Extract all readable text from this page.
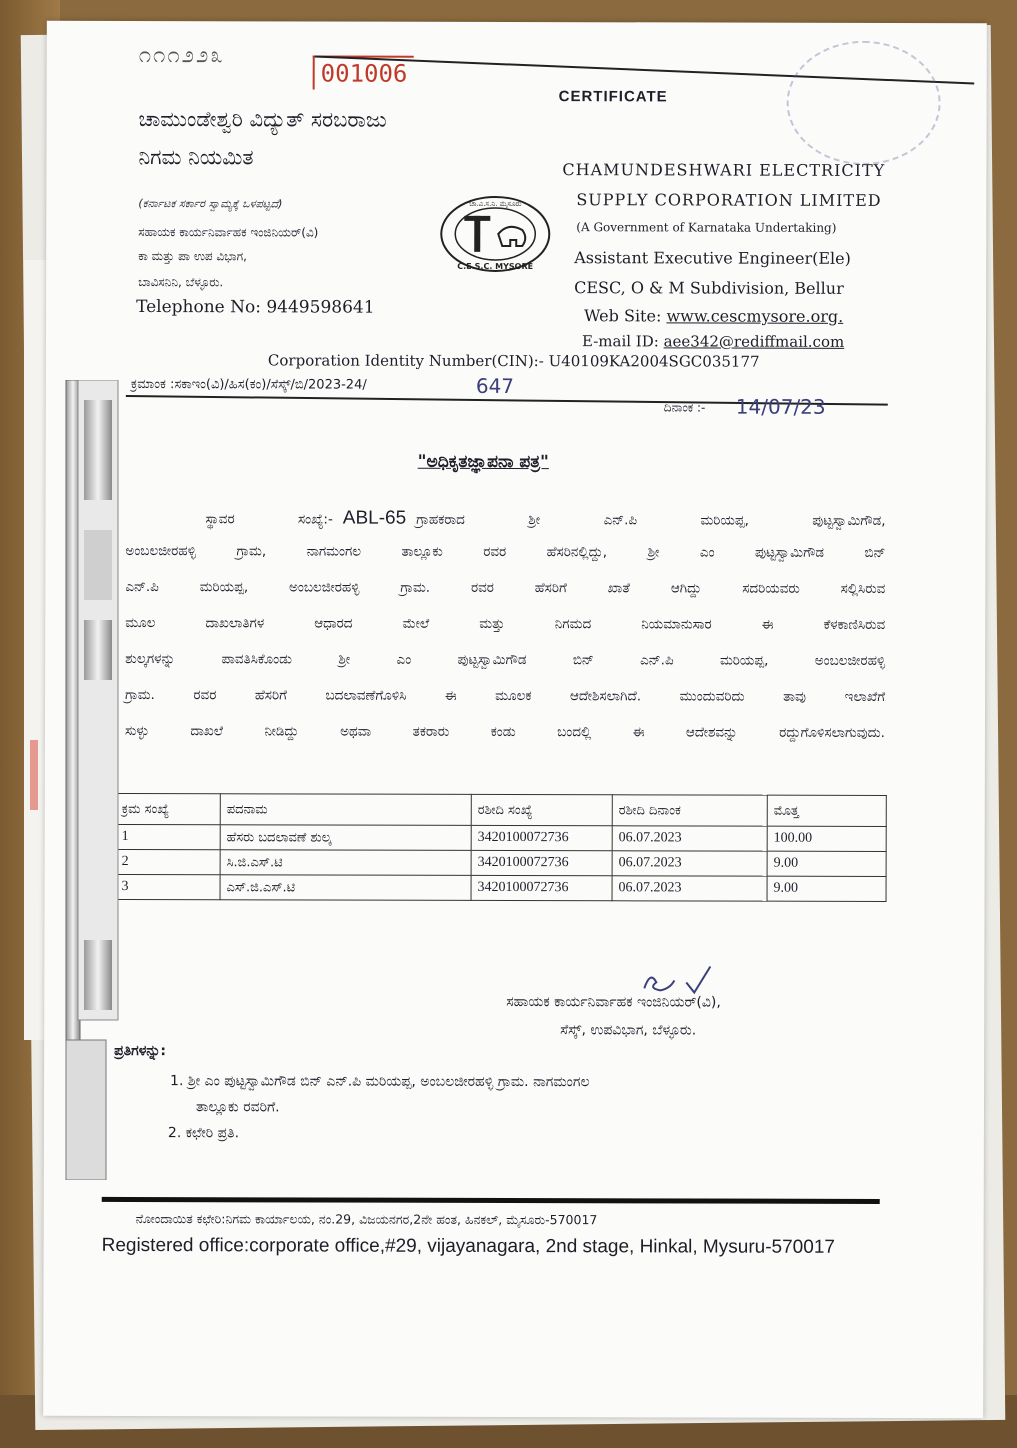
೧೧೧೨೨೩
001006
CERTIFICATE
ಚಾಮುಂಡೇಶ್ವರಿ ವಿದ್ಯುತ್ ಸರಬರಾಜು
ನಿಗಮ ನಿಯಮಿತ
(ಕರ್ನಾಟಕ ಸರ್ಕಾರ ಸ್ವಾಮ್ಯಕ್ಕೆ ಒಳಪಟ್ಟದೆ)
ಸಹಾಯಕ ಕಾರ್ಯನಿರ್ವಾಹಕ ಇಂಜಿನಿಯರ್(ವಿ)
ಕಾ ಮತ್ತು ಪಾ ಉಪ ವಿಭಾಗ,
ಬಾವಿಸನಿನಿ, ಬೆಳ್ಳೂರು.
Telephone No: 9449598641
ಚಾ.ವಿ.ಸ.ನಿ. ಮೈಸೂರು
C.E.S.C. MYSORE
CHAMUNDESHWARI ELECTRICITY
SUPPLY CORPORATION LIMITED
(A Government of Karnataka Undertaking)
Assistant Executive Engineer(Ele)
CESC, O & M Subdivision, Bellur
Web Site: www.cescmysore.org.
E-mail ID: aee342@rediffmail.com
Corporation Identity Number(CIN):- U40109KA2004SGC035177
ಕ್ರಮಾಂಕ :ಸಕಾಇಂ(ವಿ)/ಹಿಸ(ಕಂ)/ಸೆಸ್ಕ್/ಬಿ/2023-24/	647
ದಿನಾಂಕ :- 14/07/23
"ಅಧಿಕೃತಜ್ಞಾಪನಾ ಪತ್ರ"
ಸ್ಥಾವರ ಸಂಖ್ಯೆ:- ABL-65 ಗ್ರಾಹಕರಾದ ಶ್ರೀ ಎನ್.ಪಿ ಮರಿಯಪ್ಪ, ಪುಟ್ಟಸ್ವಾಮಿಗೌಡ,
ಅಂಬಲಜೀರಹಳ್ಳಿ ಗ್ರಾಮ, ನಾಗಮಂಗಲ ತಾಲ್ಲೂಕು ರವರ ಹೆಸರಿನಲ್ಲಿದ್ದು, ಶ್ರೀ ಎಂ ಪುಟ್ಟಸ್ವಾಮಿಗೌಡ ಬಿನ್
ಎನ್.ಪಿ ಮರಿಯಪ್ಪ, ಅಂಬಲಜೀರಹಳ್ಳಿ ಗ್ರಾಮ. ರವರ ಹೆಸರಿಗೆ ಖಾತೆ ಆಗಿದ್ದು ಸದರಿಯವರು ಸಲ್ಲಿಸಿರುವ
ಮೂಲ ದಾಖಲಾತಿಗಳ ಆಧಾರದ ಮೇಲೆ ಮತ್ತು ನಿಗಮದ ನಿಯಮಾನುಸಾರ ಈ ಕೆಳಕಾಣಿಸಿರುವ
ಶುಲ್ಕಗಳನ್ನು ಪಾವತಿಸಿಕೊಂಡು ಶ್ರೀ ಎಂ ಪುಟ್ಟಸ್ವಾಮಿಗೌಡ ಬಿನ್ ಎನ್.ಪಿ ಮರಿಯಪ್ಪ, ಅಂಬಲಜೀರಹಳ್ಳಿ
ಗ್ರಾಮ. ರವರ ಹೆಸರಿಗೆ ಬದಲಾವಣೆಗೊಳಿಸಿ ಈ ಮೂಲಕ ಆದೇಶಿಸಲಾಗಿದೆ. ಮುಂದುವರಿದು ತಾವು ಇಲಾಖೆಗೆ
ಸುಳ್ಳು ದಾಖಲೆ ನೀಡಿದ್ದು ಅಥವಾ ತಕರಾರು ಕಂಡು ಬಂದಲ್ಲಿ ಈ ಆದೇಶವನ್ನು ರದ್ದುಗೊಳಿಸಲಾಗುವುದು.
ಕ್ರಮ ಸಂಖ್ಯೆ	ಪದನಾಮ	ರಶೀದಿ ಸಂಖ್ಯೆ	ರಶೀದಿ ದಿನಾಂಕ	ಮೊತ್ತ
1	ಹೆಸರು ಬದಲಾವಣೆ ಶುಲ್ಕ	3420100072736	06.07.2023	100.00
2	ಸಿ.ಜಿ.ಎಸ್.ಟಿ	3420100072736	06.07.2023	9.00
3	ಎಸ್.ಜಿ.ಎಸ್.ಟಿ	3420100072736	06.07.2023	9.00
ಸಹಾಯಕ ಕಾರ್ಯನಿರ್ವಾಹಕ ಇಂಜಿನಿಯರ್(ವಿ),
ಸೆಸ್ಕ್, ಉಪವಿಭಾಗ, ಬೆಳ್ಳೂರು.
ಪ್ರತಿಗಳನ್ನು:
1. ಶ್ರೀ ಎಂ ಪುಟ್ಟಸ್ವಾಮಿಗೌಡ ಬಿನ್ ಎನ್.ಪಿ ಮರಿಯಪ್ಪ, ಅಂಬಲಜೀರಹಳ್ಳಿ ಗ್ರಾಮ. ನಾಗಮಂಗಲ
ತಾಲ್ಲೂಕು ರವರಿಗೆ.
2. ಕಛೇರಿ ಪ್ರತಿ.
ನೋಂದಾಯಿತ ಕಛೇರಿ:ನಿಗಮ ಕಾರ್ಯಾಲಯ, ನಂ.29, ವಿಜಯನಗರ,2ನೇ ಹಂತ, ಹಿನಕಲ್, ಮೈಸೂರು-570017
Registered office:corporate office,#29, vijayanagara, 2nd stage, Hinkal, Mysuru-570017
